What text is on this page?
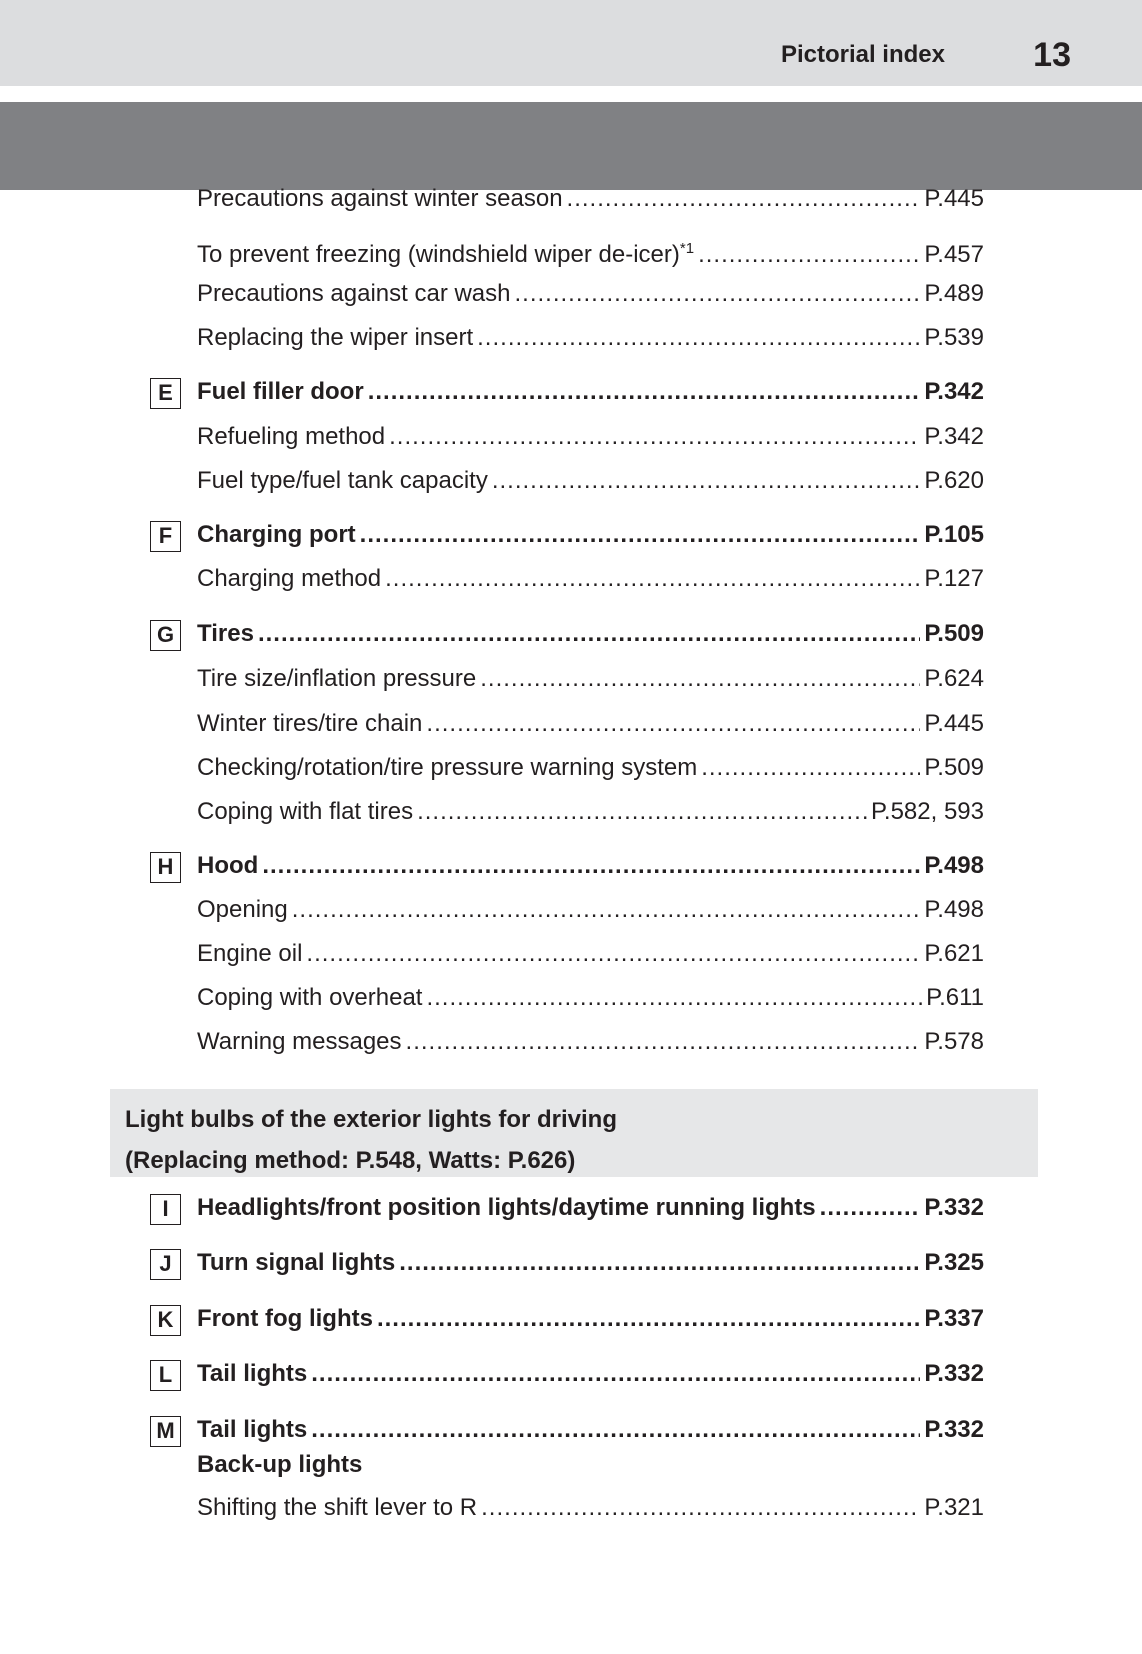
Pictorial index	13
Precautions against winter season .....	P.445
To prevent freezing (windshield wiper de-icer)$^{*1}$ .....	P.457
Precautions against car wash .....	P.489
Replacing the wiper insert .....	P.539
E	Fuel filler door .....	P.342
Refueling method .....	P.342
Fuel type/fuel tank capacity .....	P.620
F	Charging port .....	P.105
Charging method .....	P.127
G Tires .....	P.509
Tire size/inflation pressure .....	P.624
Winter tires/tire chain .....	P.445
Checking/rotation/tire pressure warning system .....	P.509
Coping with flat tires .....	P.582, 593
H Hood .....	P.498
Opening .....	P.498
Engine oil .....	P.621
Coping with overheat .....	P.611
Warning messages .....	P.578
Light bulbs of the exterior lights for driving
(Replacing method: P.548, Watts: P.626)
I	Headlights/front position lights/daytime running lights .....	P.332
J	Turn signal lights .....	P.325
K Front fog lights .....	P.337
L	Tail lights .....	P.332
M Tail lights .....	P.332
Back-up lights
Shifting the shift lever to R .....	P.321
